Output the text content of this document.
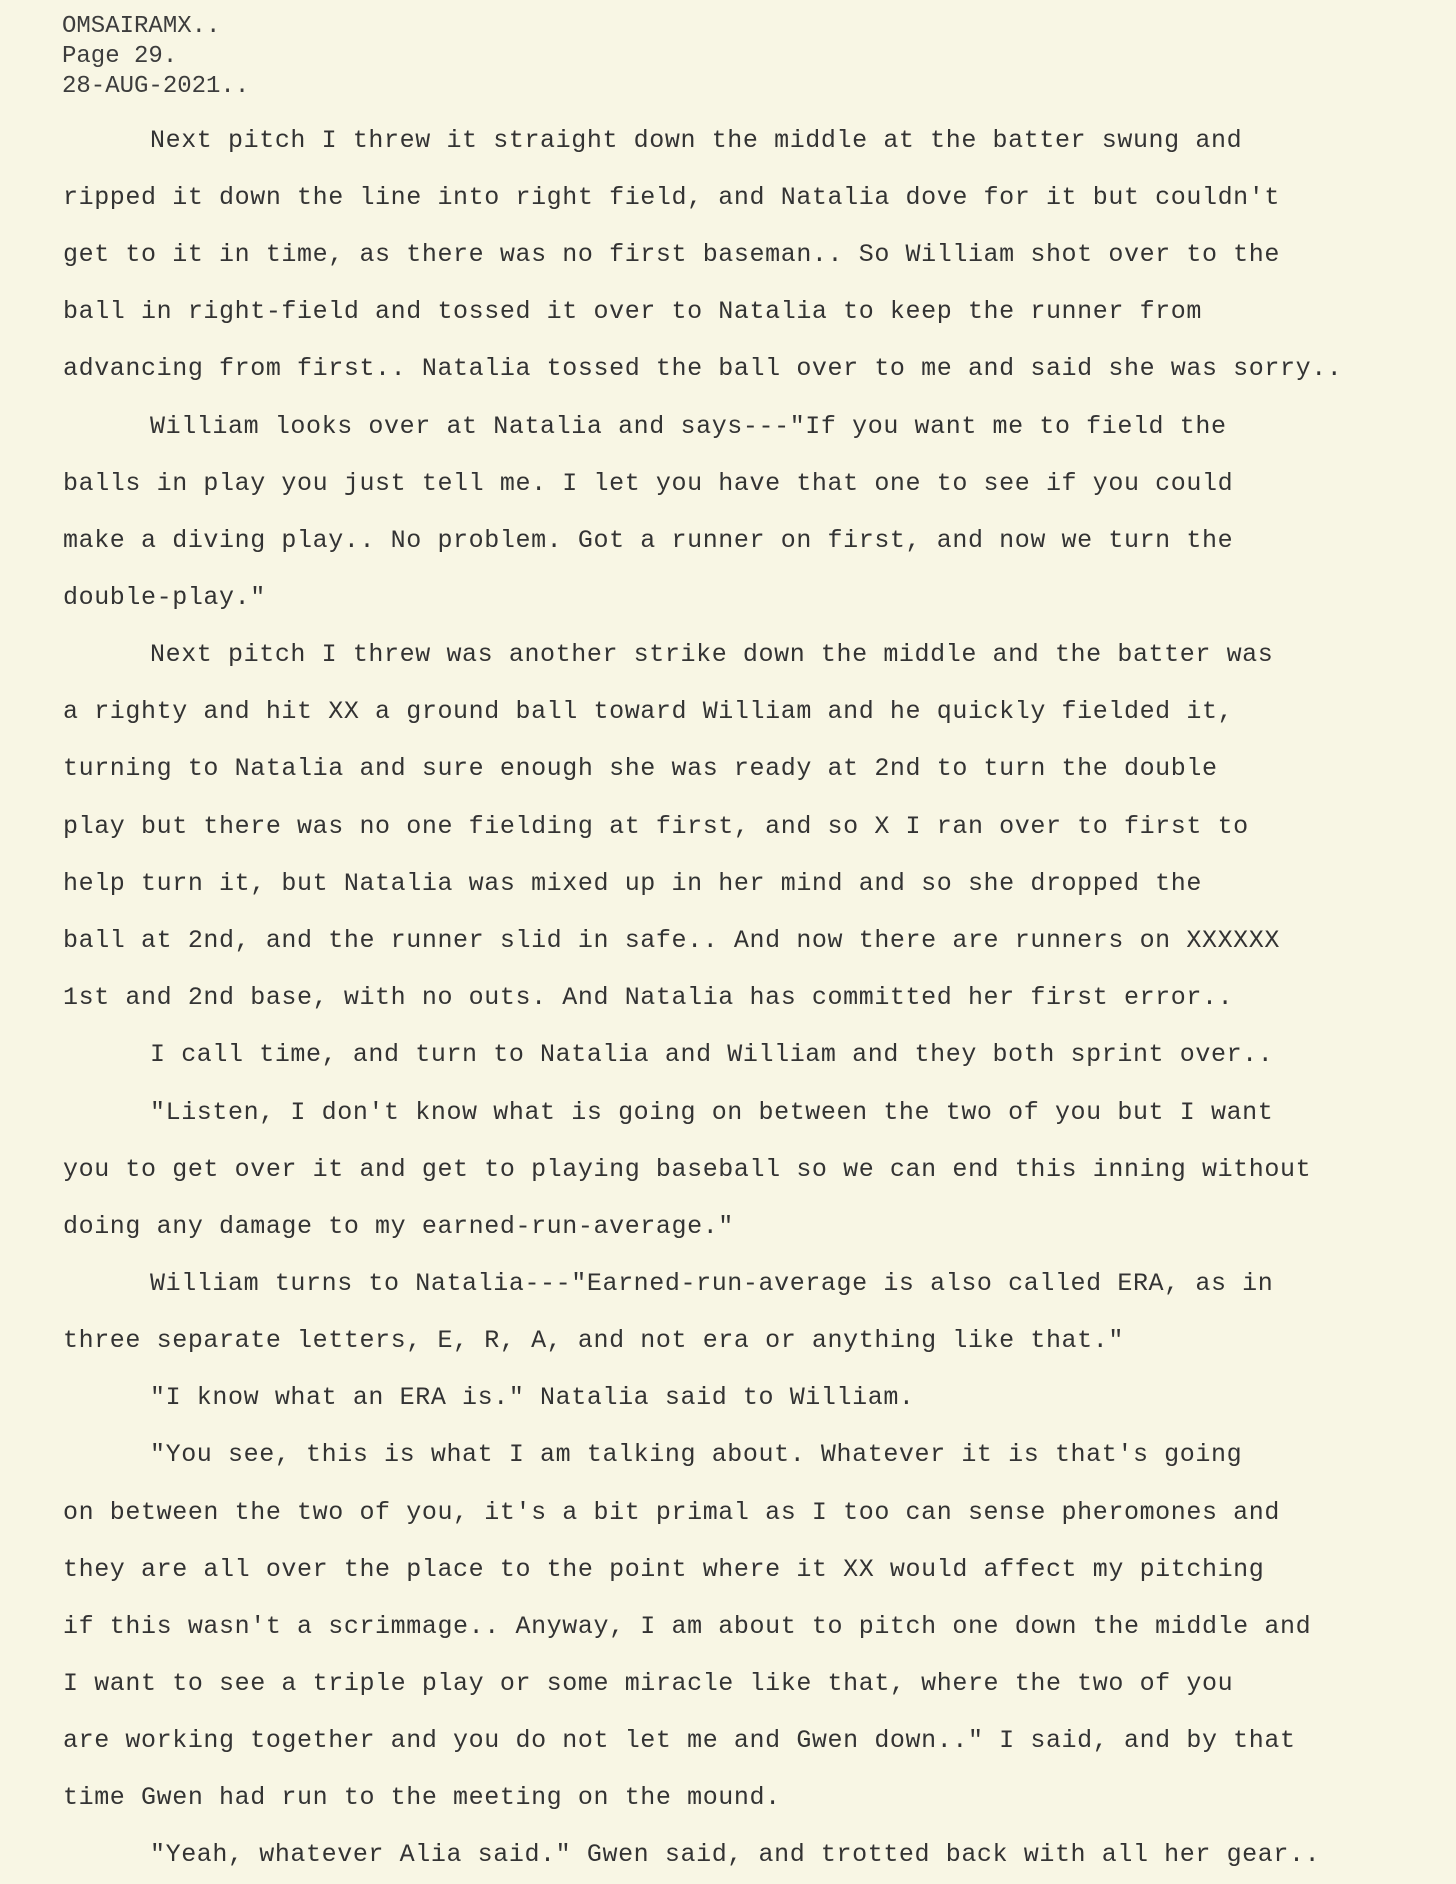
OMSAIRAMX..
Page 29.
28-AUG-2021..
Next pitch I threw it straight down the middle at the batter swung and
ripped it down the line into right field, and Natalia dove for it but couldn't
get to it in time, as there was no first baseman.. So William shot over to the
ball in right-field and tossed it over to Natalia to keep the runner from
advancing from first.. Natalia tossed the ball over to me and said she was sorry..
William looks over at Natalia and says---"If you want me to field the
balls in play you just tell me. I let you have that one to see if you could
make a diving play.. No problem. Got a runner on first, and now we turn the
double-play."
Next pitch I threw was another strike down the middle and the batter was
a righty and hit XX a ground ball toward William and he quickly fielded it,
turning to Natalia and sure enough she was ready at 2nd to turn the double
play but there was no one fielding at first, and so X I ran over to first to
help turn it, but Natalia was mixed up in her mind and so she dropped the
ball at 2nd, and the runner slid in safe.. And now there are runners on XXXXXX
1st and 2nd base, with no outs. And Natalia has committed her first error..
I call time, and turn to Natalia and William and they both sprint over..
"Listen, I don't know what is going on between the two of you but I want
you to get over it and get to playing baseball so we can end this inning without
doing any damage to my earned-run-average."
William turns to Natalia---"Earned-run-average is also called ERA, as in
three separate letters, E, R, A, and not era or anything like that."
"I know what an ERA is." Natalia said to William.
"You see, this is what I am talking about. Whatever it is that's going
on between the two of you, it's a bit primal as I too can sense pheromones and
they are all over the place to the point where it XX would affect my pitching
if this wasn't a scrimmage.. Anyway, I am about to pitch one down the middle and
I want to see a triple play or some miracle like that, where the two of you
are working together and you do not let me and Gwen down.." I said, and by that
time Gwen had run to the meeting on the mound.
"Yeah, whatever Alia said." Gwen said, and trotted back with all her gear..
